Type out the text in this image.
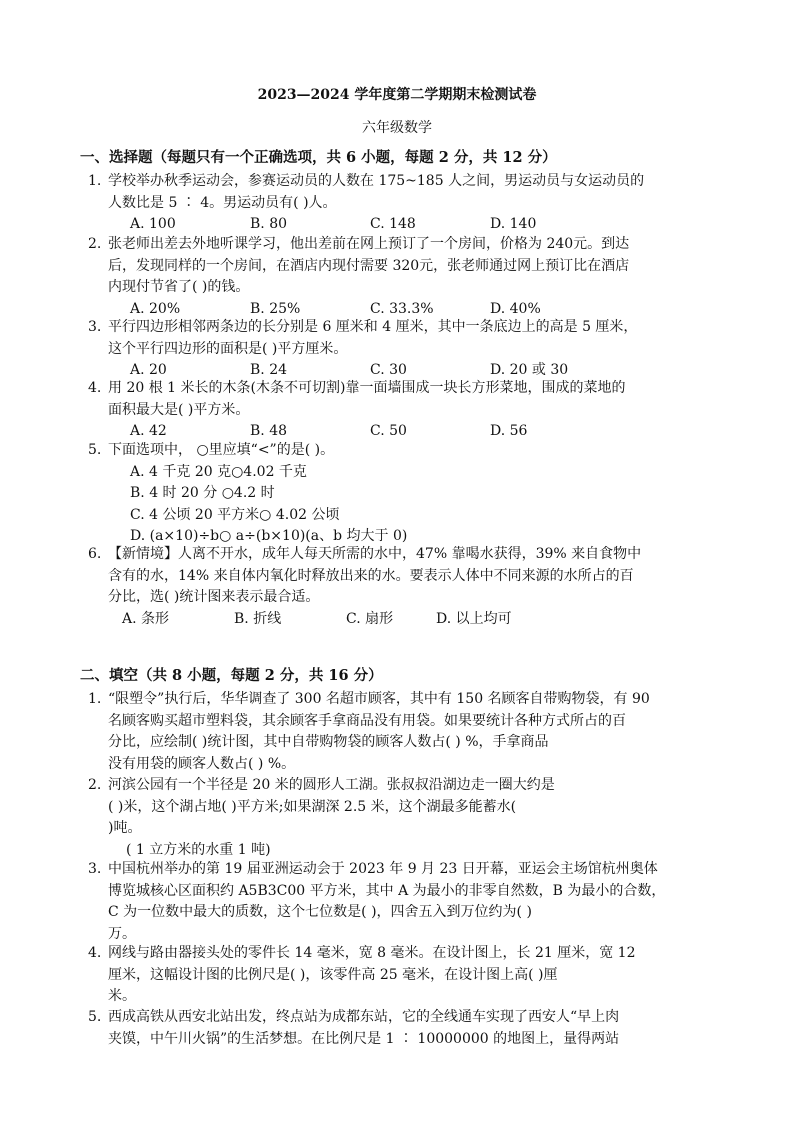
2023—2024 学年度第二学期期末检测试卷
六年级数学
一、选择题（每题只有一个正确选项，共 6 小题，每题 2 分，共 12 分）
1. 学校举办秋季运动会，参赛运动员的人数在 175~185 人之间，男运动员与女运动员的
人数比是 5 ∶ 4。男运动员有( )人。
A. 100	B. 80	C. 148	D. 140
2. 张老师出差去外地听课学习，他出差前在网上预订了一个房间，价格为 240元。到达
后，发现同样的一个房间，在酒店内现付需要 320元，张老师通过网上预订比在酒店
内现付节省了( )的钱。
A. 20%	B. 25%	C. 33.3%	D. 40%
3. 平行四边形相邻两条边的长分别是 6 厘米和 4 厘米，其中一条底边上的高是 5 厘米，
这个平行四边形的面积是( )平方厘米。
A. 20	B. 24	C. 30	D. 20 或 30
4. 用 20 根 1 米长的木条(木条不可切割)靠一面墙围成一块长方形菜地，围成的菜地的
面积最大是( )平方米。
A. 42	B. 48	C. 50	D. 56
5. 下面选项中， ○里应填“<”的是( )。
A. 4 千克 20 克○4.02 千克
B. 4 时 20 分 ○4.2 时
C. 4 公顷 20 平方米○ 4.02 公顷
D. (a×10)÷b○ a÷(b×10)(a、b 均大于 0)
6. 【新情境】人离不开水，成年人每天所需的水中，47% 靠喝水获得，39% 来自食物中
含有的水，14% 来自体内氧化时释放出来的水。要表示人体中不同来源的水所占的百
分比，选( )统计图来表示最合适。
A. 条形	B. 折线	C. 扇形	D. 以上均可
二、填空（共 8 小题，每题 2 分，共 16 分）
1. “限塑令”执行后，华华调查了 300 名超市顾客，其中有 150 名顾客自带购物袋，有 90
名顾客购买超市塑料袋，其余顾客手拿商品没有用袋。如果要统计各种方式所占的百
分比，应绘制( )统计图，其中自带购物袋的顾客人数占( ) %，手拿商品
没有用袋的顾客人数占( ) %。
2. 河滨公园有一个半径是 20 米的圆形人工湖。张叔叔沿湖边走一圈大约是
( )米，这个湖占地( )平方米;如果湖深 2.5 米，这个湖最多能蓄水(
)吨。
( 1 立方米的水重 1 吨)
3. 中国杭州举办的第 19 届亚洲运动会于 2023 年 9 月 23 日开幕，亚运会主场馆杭州奥体
博览城核心区面积约 A5B3C00 平方米，其中 A 为最小的非零自然数，B 为最小的合数，
C 为一位数中最大的质数，这个七位数是( )，四舍五入到万位约为( )
万。
4. 网线与路由器接头处的零件长 14 毫米，宽 8 毫米。在设计图上，长 21 厘米，宽 12
厘米，这幅设计图的比例尺是( )，该零件高 25 毫米，在设计图上高( )厘
米。
5. 西成高铁从西安北站出发，终点站为成都东站，它的全线通车实现了西安人“早上肉
夹馍，中午川火锅”的生活梦想。在比例尺是 1 ∶ 10000000 的地图上，量得两站
